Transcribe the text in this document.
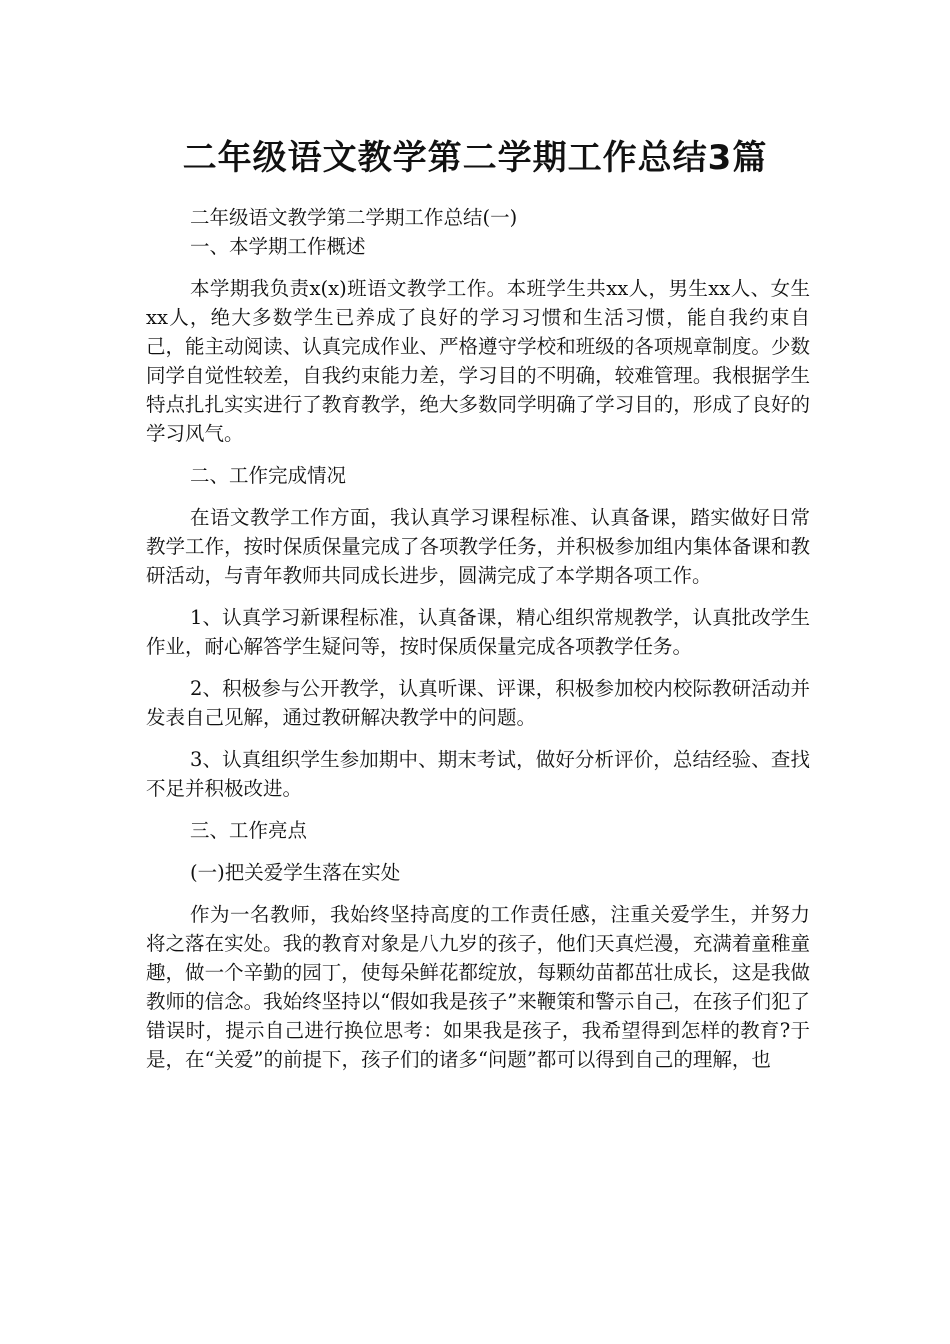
二年级语文教学第二学期工作总结3篇

二年级语文教学第二学期工作总结(一)

一、本学期工作概述

本学期我负责x(x)班语文教学工作。本班学生共xx人，男生xx人、女生xx人，绝大多数学生已养成了良好的学习习惯和生活习惯，能自我约束自己，能主动阅读、认真完成作业、严格遵守学校和班级的各项规章制度。少数同学自觉性较差，自我约束能力差，学习目的不明确，较难管理。我根据学生特点扎扎实实进行了教育教学，绝大多数同学明确了学习目的，形成了良好的学习风气。

二、工作完成情况

在语文教学工作方面，我认真学习课程标准、认真备课，踏实做好日常教学工作，按时保质保量完成了各项教学任务，并积极参加组内集体备课和教研活动，与青年教师共同成长进步，圆满完成了本学期各项工作。

1、认真学习新课程标准，认真备课，精心组织常规教学，认真批改学生作业，耐心解答学生疑问等，按时保质保量完成各项教学任务。

2、积极参与公开教学，认真听课、评课，积极参加校内校际教研活动并发表自己见解，通过教研解决教学中的问题。

3、认真组织学生参加期中、期末考试，做好分析评价，总结经验、查找不足并积极改进。

三、工作亮点

(一)把关爱学生落在实处

作为一名教师，我始终坚持高度的工作责任感，注重关爱学生，并努力将之落在实处。我的教育对象是八九岁的孩子，他们天真烂漫，充满着童稚童趣，做一个辛勤的园丁，使每朵鲜花都绽放，每颗幼苗都茁壮成长，这是我做教师的信念。我始终坚持以“假如我是孩子”来鞭策和警示自己，在孩子们犯了错误时，提示自己进行换位思考：如果我是孩子，我希望得到怎样的教育?于是，在“关爱”的前提下，孩子们的诸多“问题”都可以得到自己的理解，也
